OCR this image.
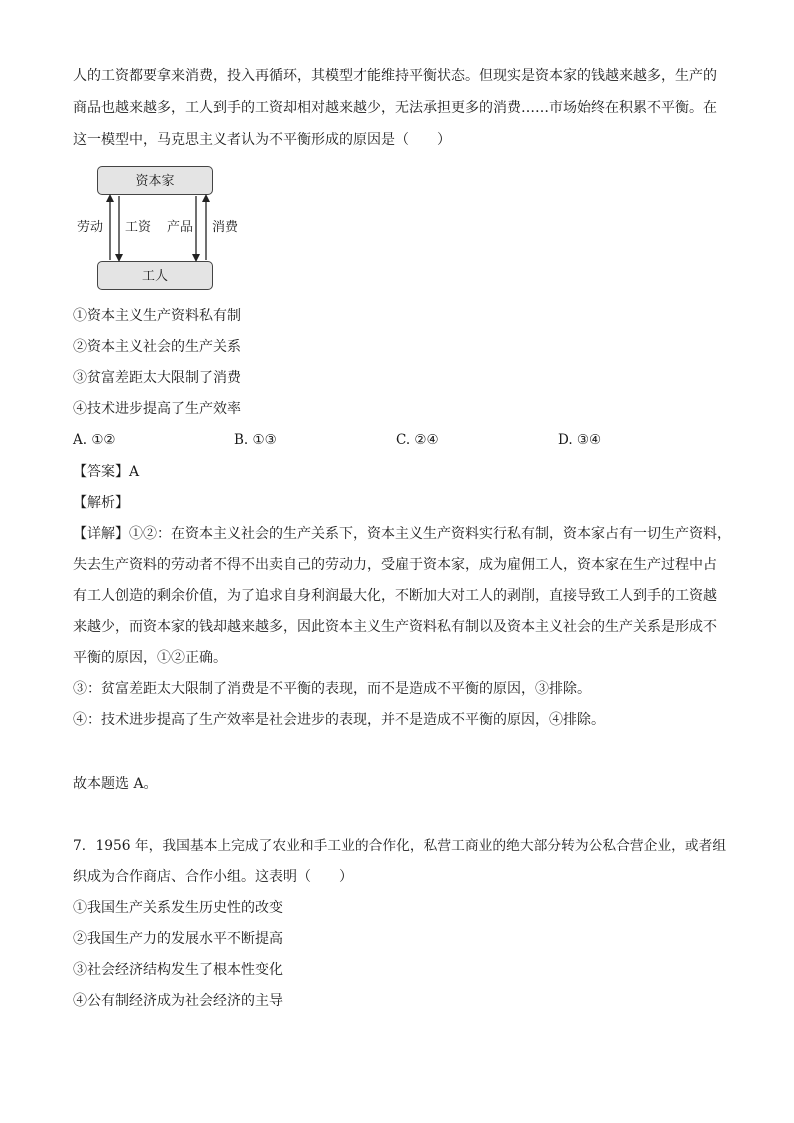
人的工资都要拿来消费，投入再循环，其模型才能维持平衡状态。但现实是资本家的钱越来越多，生产的
商品也越来越多，工人到手的工资却相对越来越少，无法承担更多的消费……市场始终在积累不平衡。在
这一模型中，马克思主义者认为不平衡形成的原因是（　　）
资本家
工人
劳动 工资 产品 消费
①资本主义生产资料私有制
②资本主义社会的生产关系
③贫富差距太大限制了消费
④技术进步提高了生产效率
A. ①②	B. ①③	C. ②④	D. ③④
【答案】A
【解析】
【详解】①②：在资本主义社会的生产关系下，资本主义生产资料实行私有制，资本家占有一切生产资料，
失去生产资料的劳动者不得不出卖自己的劳动力，受雇于资本家，成为雇佣工人，资本家在生产过程中占
有工人创造的剩余价值，为了追求自身利润最大化，不断加大对工人的剥削，直接导致工人到手的工资越
来越少，而资本家的钱却越来越多，因此资本主义生产资料私有制以及资本主义社会的生产关系是形成不
平衡的原因，①②正确。
③：贫富差距太大限制了消费是不平衡的表现，而不是造成不平衡的原因，③排除。
④：技术进步提高了生产效率是社会进步的表现，并不是造成不平衡的原因，④排除。
故本题选 A。
7．1956 年，我国基本上完成了农业和手工业的合作化，私营工商业的绝大部分转为公私合营企业，或者组
织成为合作商店、合作小组。这表明（　　）
①我国生产关系发生历史性的改变
②我国生产力的发展水平不断提高
③社会经济结构发生了根本性变化
④公有制经济成为社会经济的主导
